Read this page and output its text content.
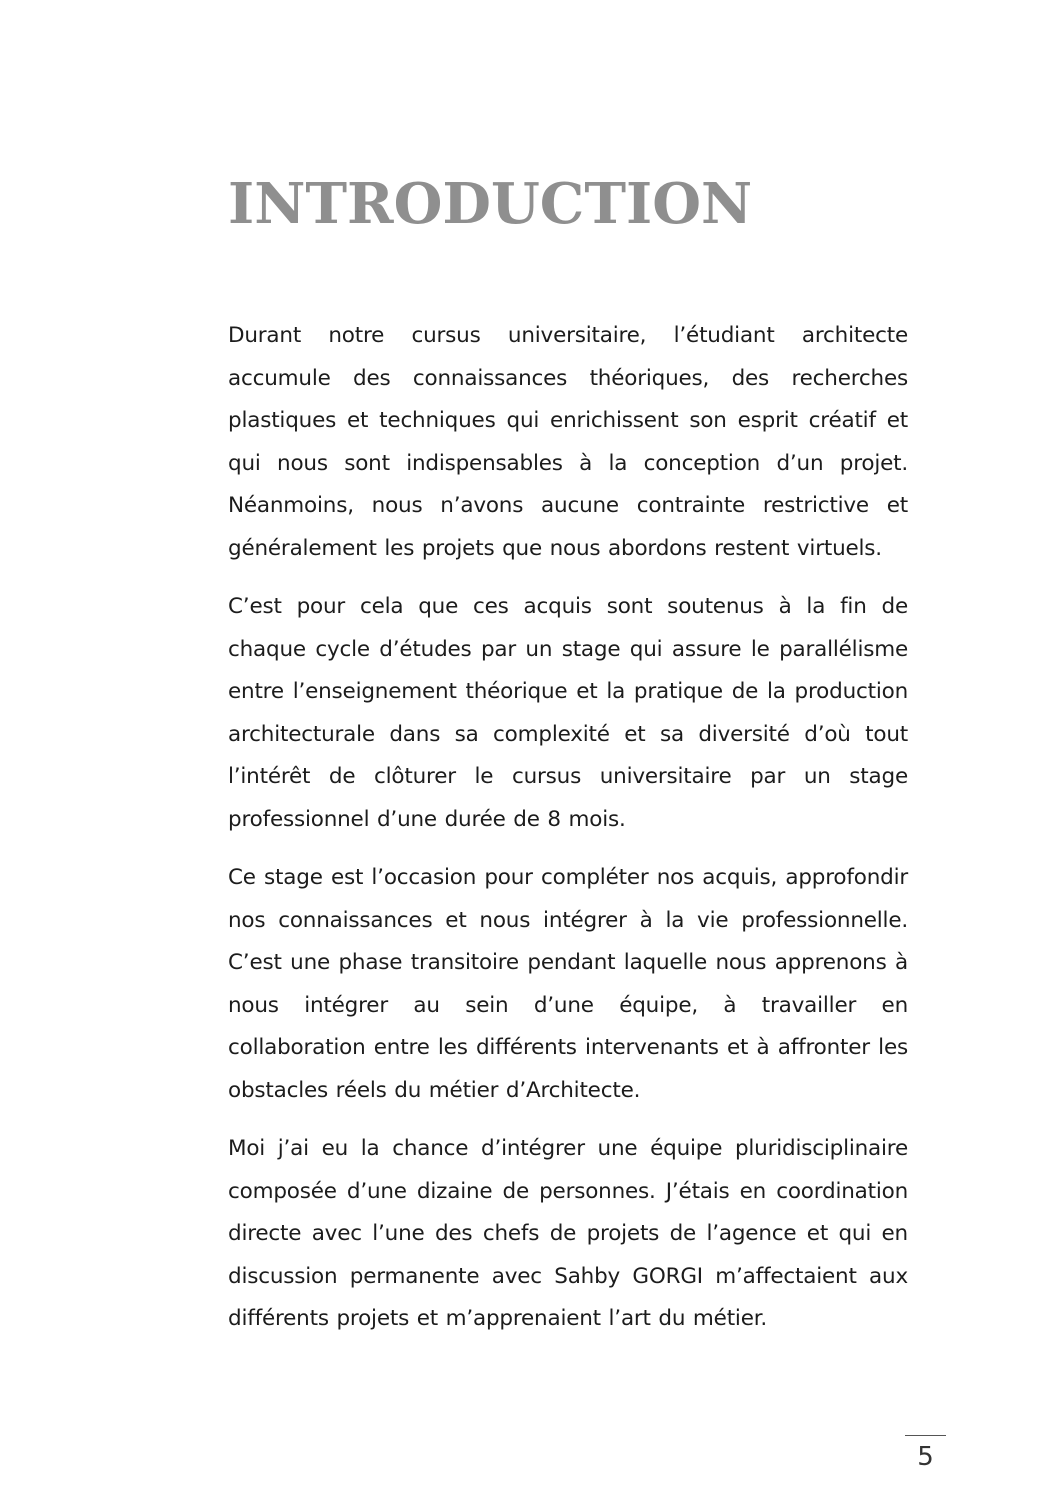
INTRODUCTION

Durant notre cursus universitaire, l’étudiant architecte accumule des connaissances théoriques, des recherches plastiques et techniques qui enrichissent son esprit créatif et qui nous sont indispensables à la conception d’un projet. Néanmoins, nous n’avons aucune contrainte restrictive et généralement les projets que nous abordons restent virtuels.

C’est pour cela que ces acquis sont soutenus à la fin de chaque cycle d’études par un stage qui assure le parallélisme entre l’enseignement théorique et la pratique de la production architecturale dans sa complexité et sa diversité d’où tout l’intérêt de clôturer le cursus universitaire par un stage professionnel d’une durée de 8 mois.

Ce stage est l’occasion pour compléter nos acquis, approfondir nos connaissances et nous intégrer à la vie professionnelle. C’est une phase transitoire pendant laquelle nous apprenons à nous intégrer au sein d’une équipe, à travailler en collaboration entre les différents intervenants et à affronter les obstacles réels du métier d’Architecte.

Moi j’ai eu la chance d’intégrer une équipe pluridisciplinaire composée d’une dizaine de personnes. J’étais en coordination directe avec l’une des chefs de projets de l’agence et qui en discussion permanente avec Sahby GORGI m’affectaient aux différents projets et m’apprenaient l’art du métier.

5
